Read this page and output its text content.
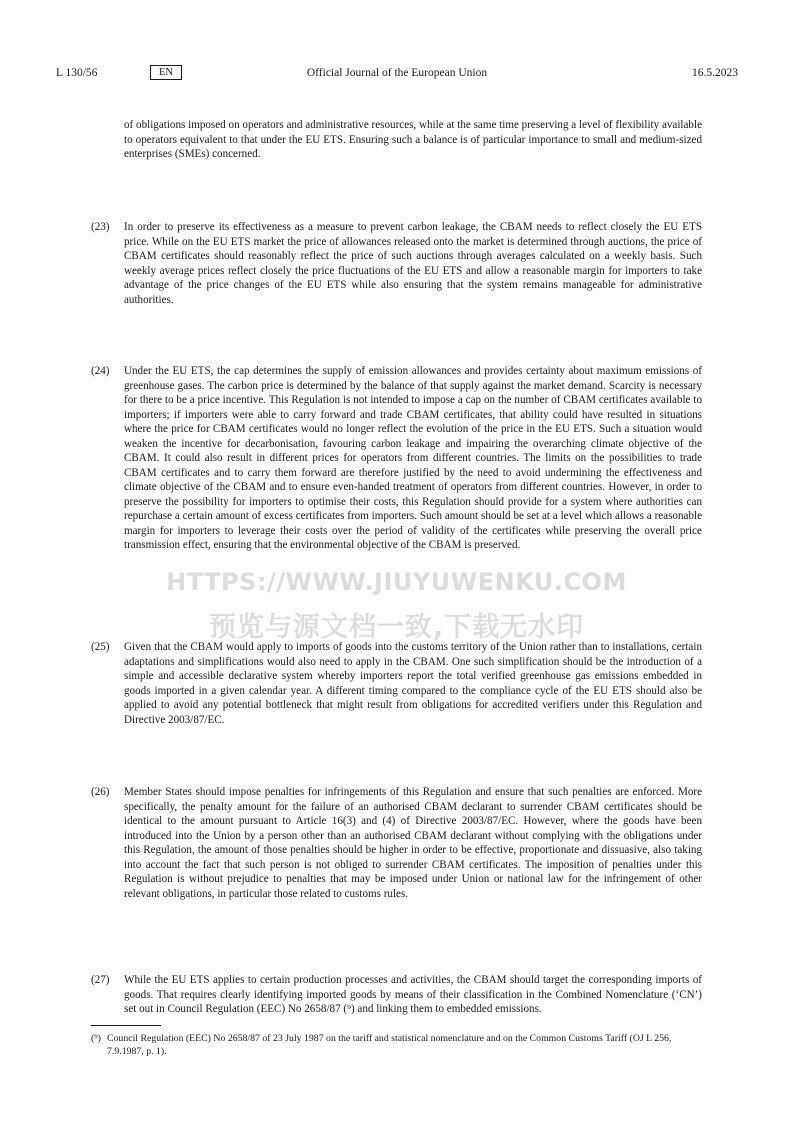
L 130/56	EN	Official Journal of the European Union	16.5.2023

of obligations imposed on operators and administrative resources, while at the same time preserving a level of flexibility available to operators equivalent to that under the EU ETS. Ensuring such a balance is of particular importance to small and medium-sized enterprises (SMEs) concerned.

(23) In order to preserve its effectiveness as a measure to prevent carbon leakage, the CBAM needs to reflect closely the EU ETS price. While on the EU ETS market the price of allowances released onto the market is determined through auctions, the price of CBAM certificates should reasonably reflect the price of such auctions through averages calculated on a weekly basis. Such weekly average prices reflect closely the price fluctuations of the EU ETS and allow a reasonable margin for importers to take advantage of the price changes of the EU ETS while also ensuring that the system remains manageable for administrative authorities.

(24) Under the EU ETS, the cap determines the supply of emission allowances and provides certainty about maximum emissions of greenhouse gases. The carbon price is determined by the balance of that supply against the market demand. Scarcity is necessary for there to be a price incentive. This Regulation is not intended to impose a cap on the number of CBAM certificates available to importers; if importers were able to carry forward and trade CBAM certificates, that ability could have resulted in situations where the price for CBAM certificates would no longer reflect the evolution of the price in the EU ETS. Such a situation would weaken the incentive for decarbonisation, favouring carbon leakage and impairing the overarching climate objective of the CBAM. It could also result in different prices for operators from different countries. The limits on the possibilities to trade CBAM certificates and to carry them forward are therefore justified by the need to avoid undermining the effectiveness and climate objective of the CBAM and to ensure even-handed treatment of operators from different countries. However, in order to preserve the possibility for importers to optimise their costs, this Regulation should provide for a system where authorities can repurchase a certain amount of excess certificates from importers. Such amount should be set at a level which allows a reasonable margin for importers to leverage their costs over the period of validity of the certificates while preserving the overall price transmission effect, ensuring that the environmental objective of the CBAM is preserved.

(25) Given that the CBAM would apply to imports of goods into the customs territory of the Union rather than to installations, certain adaptations and simplifications would also need to apply in the CBAM. One such simplification should be the introduction of a simple and accessible declarative system whereby importers report the total verified greenhouse gas emissions embedded in goods imported in a given calendar year. A different timing compared to the compliance cycle of the EU ETS should also be applied to avoid any potential bottleneck that might result from obligations for accredited verifiers under this Regulation and Directive 2003/87/EC.

(26) Member States should impose penalties for infringements of this Regulation and ensure that such penalties are enforced. More specifically, the penalty amount for the failure of an authorised CBAM declarant to surrender CBAM certificates should be identical to the amount pursuant to Article 16(3) and (4) of Directive 2003/87/EC. However, where the goods have been introduced into the Union by a person other than an authorised CBAM declarant without complying with the obligations under this Regulation, the amount of those penalties should be higher in order to be effective, proportionate and dissuasive, also taking into account the fact that such person is not obliged to surrender CBAM certificates. The imposition of penalties under this Regulation is without prejudice to penalties that may be imposed under Union or national law for the infringement of other relevant obligations, in particular those related to customs rules.

(27) While the EU ETS applies to certain production processes and activities, the CBAM should target the corresponding imports of goods. That requires clearly identifying imported goods by means of their classification in the Combined Nomenclature (‘CN’) set out in Council Regulation (EEC) No 2658/87 (⁹) and linking them to embedded emissions.

(⁹) Council Regulation (EEC) No 2658/87 of 23 July 1987 on the tariff and statistical nomenclature and on the Common Customs Tariff (OJ L 256, 7.9.1987, p. 1).
HTTPS://WWW.JIUYUWENKU.COM
预览与源文档一致,下载无水印
